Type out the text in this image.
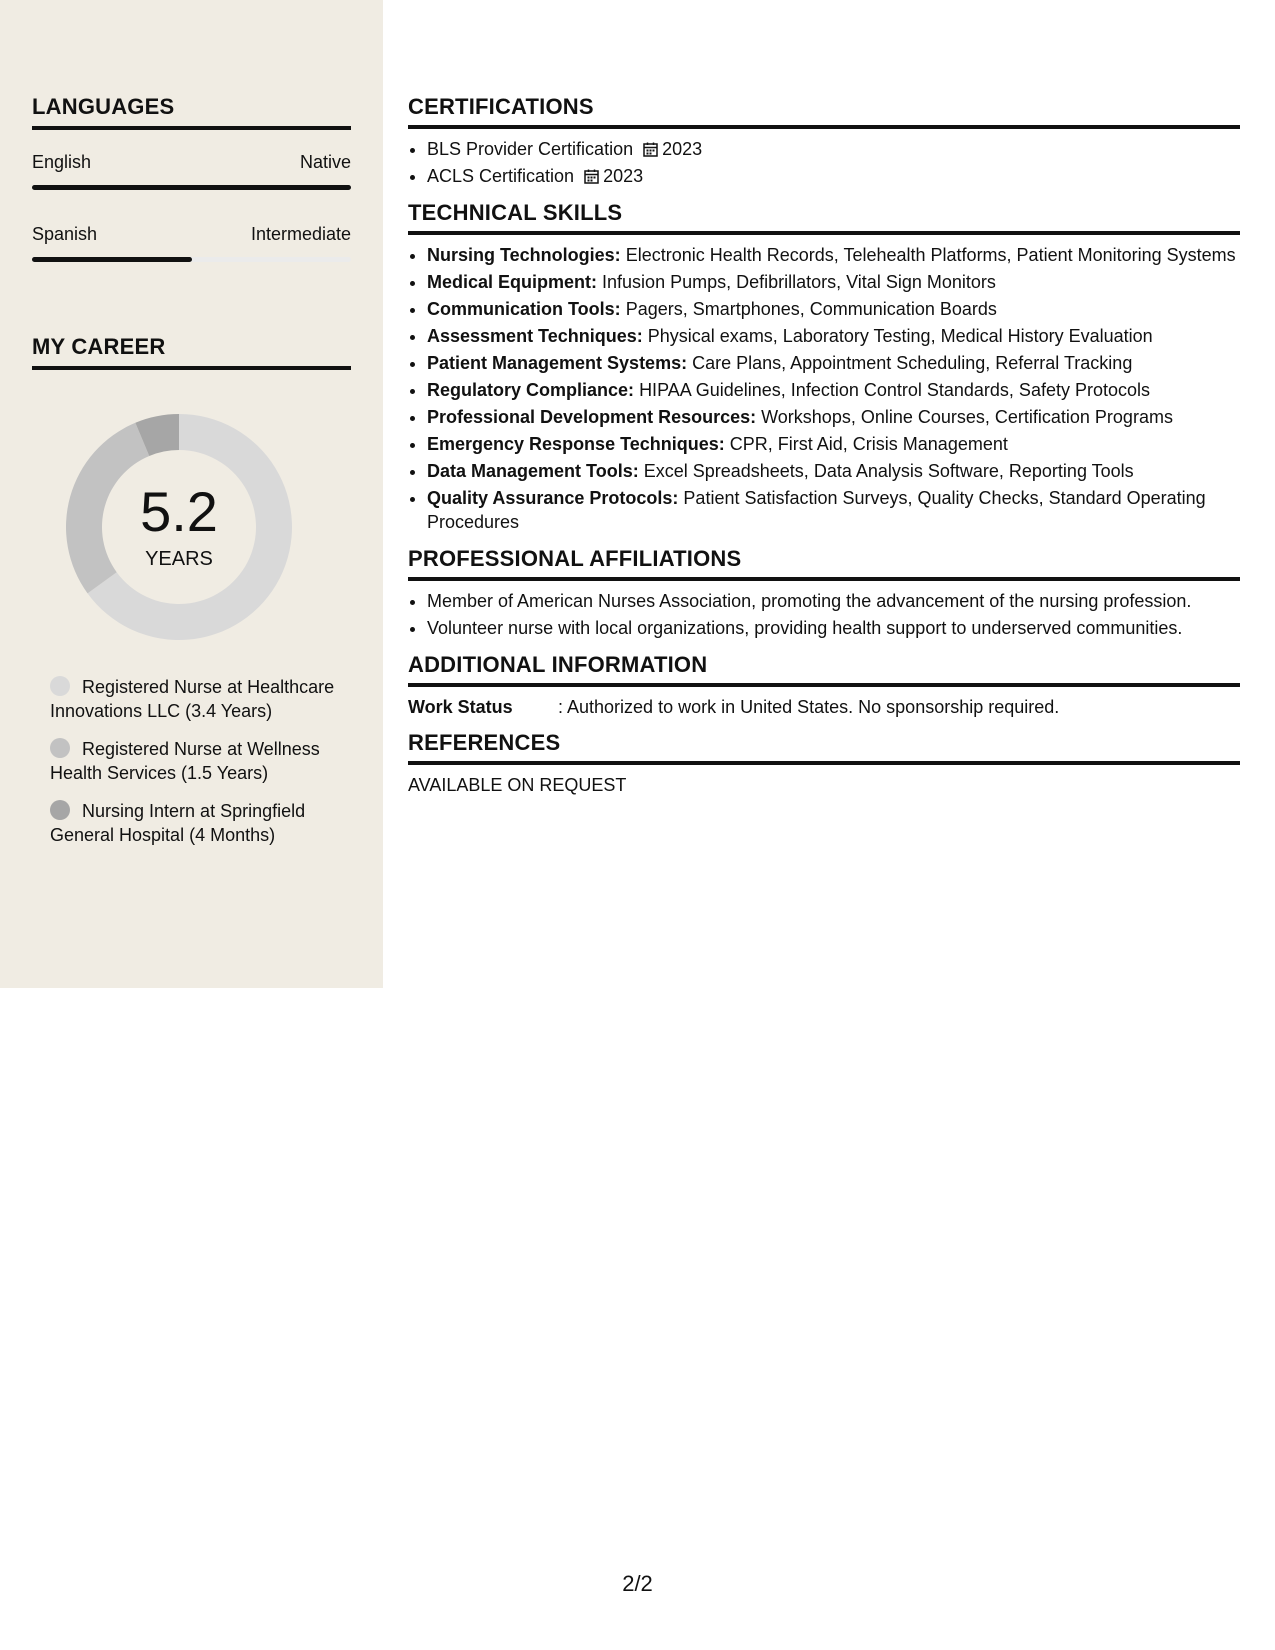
LANGUAGES
English	Native
Spanish	Intermediate
MY CAREER
5.2
YEARS
Registered Nurse at Healthcare Innovations LLC (3.4 Years)
Registered Nurse at Wellness Health Services (1.5 Years)
Nursing Intern at Springfield General Hospital (4 Months)
CERTIFICATIONS
• BLS Provider Certification 2023
• ACLS Certification 2023
TECHNICAL SKILLS
• Nursing Technologies: Electronic Health Records, Telehealth Platforms, Patient Monitoring Systems
• Medical Equipment: Infusion Pumps, Defibrillators, Vital Sign Monitors
• Communication Tools: Pagers, Smartphones, Communication Boards
• Assessment Techniques: Physical exams, Laboratory Testing, Medical History Evaluation
• Patient Management Systems: Care Plans, Appointment Scheduling, Referral Tracking
• Regulatory Compliance: HIPAA Guidelines, Infection Control Standards, Safety Protocols
• Professional Development Resources: Workshops, Online Courses, Certification Programs
• Emergency Response Techniques: CPR, First Aid, Crisis Management
• Data Management Tools: Excel Spreadsheets, Data Analysis Software, Reporting Tools
• Quality Assurance Protocols: Patient Satisfaction Surveys, Quality Checks, Standard Operating Procedures
PROFESSIONAL AFFILIATIONS
• Member of American Nurses Association, promoting the advancement of the nursing profession.
• Volunteer nurse with local organizations, providing health support to underserved communities.
ADDITIONAL INFORMATION
Work Status	: Authorized to work in United States. No sponsorship required.
REFERENCES
AVAILABLE ON REQUEST
2/2
